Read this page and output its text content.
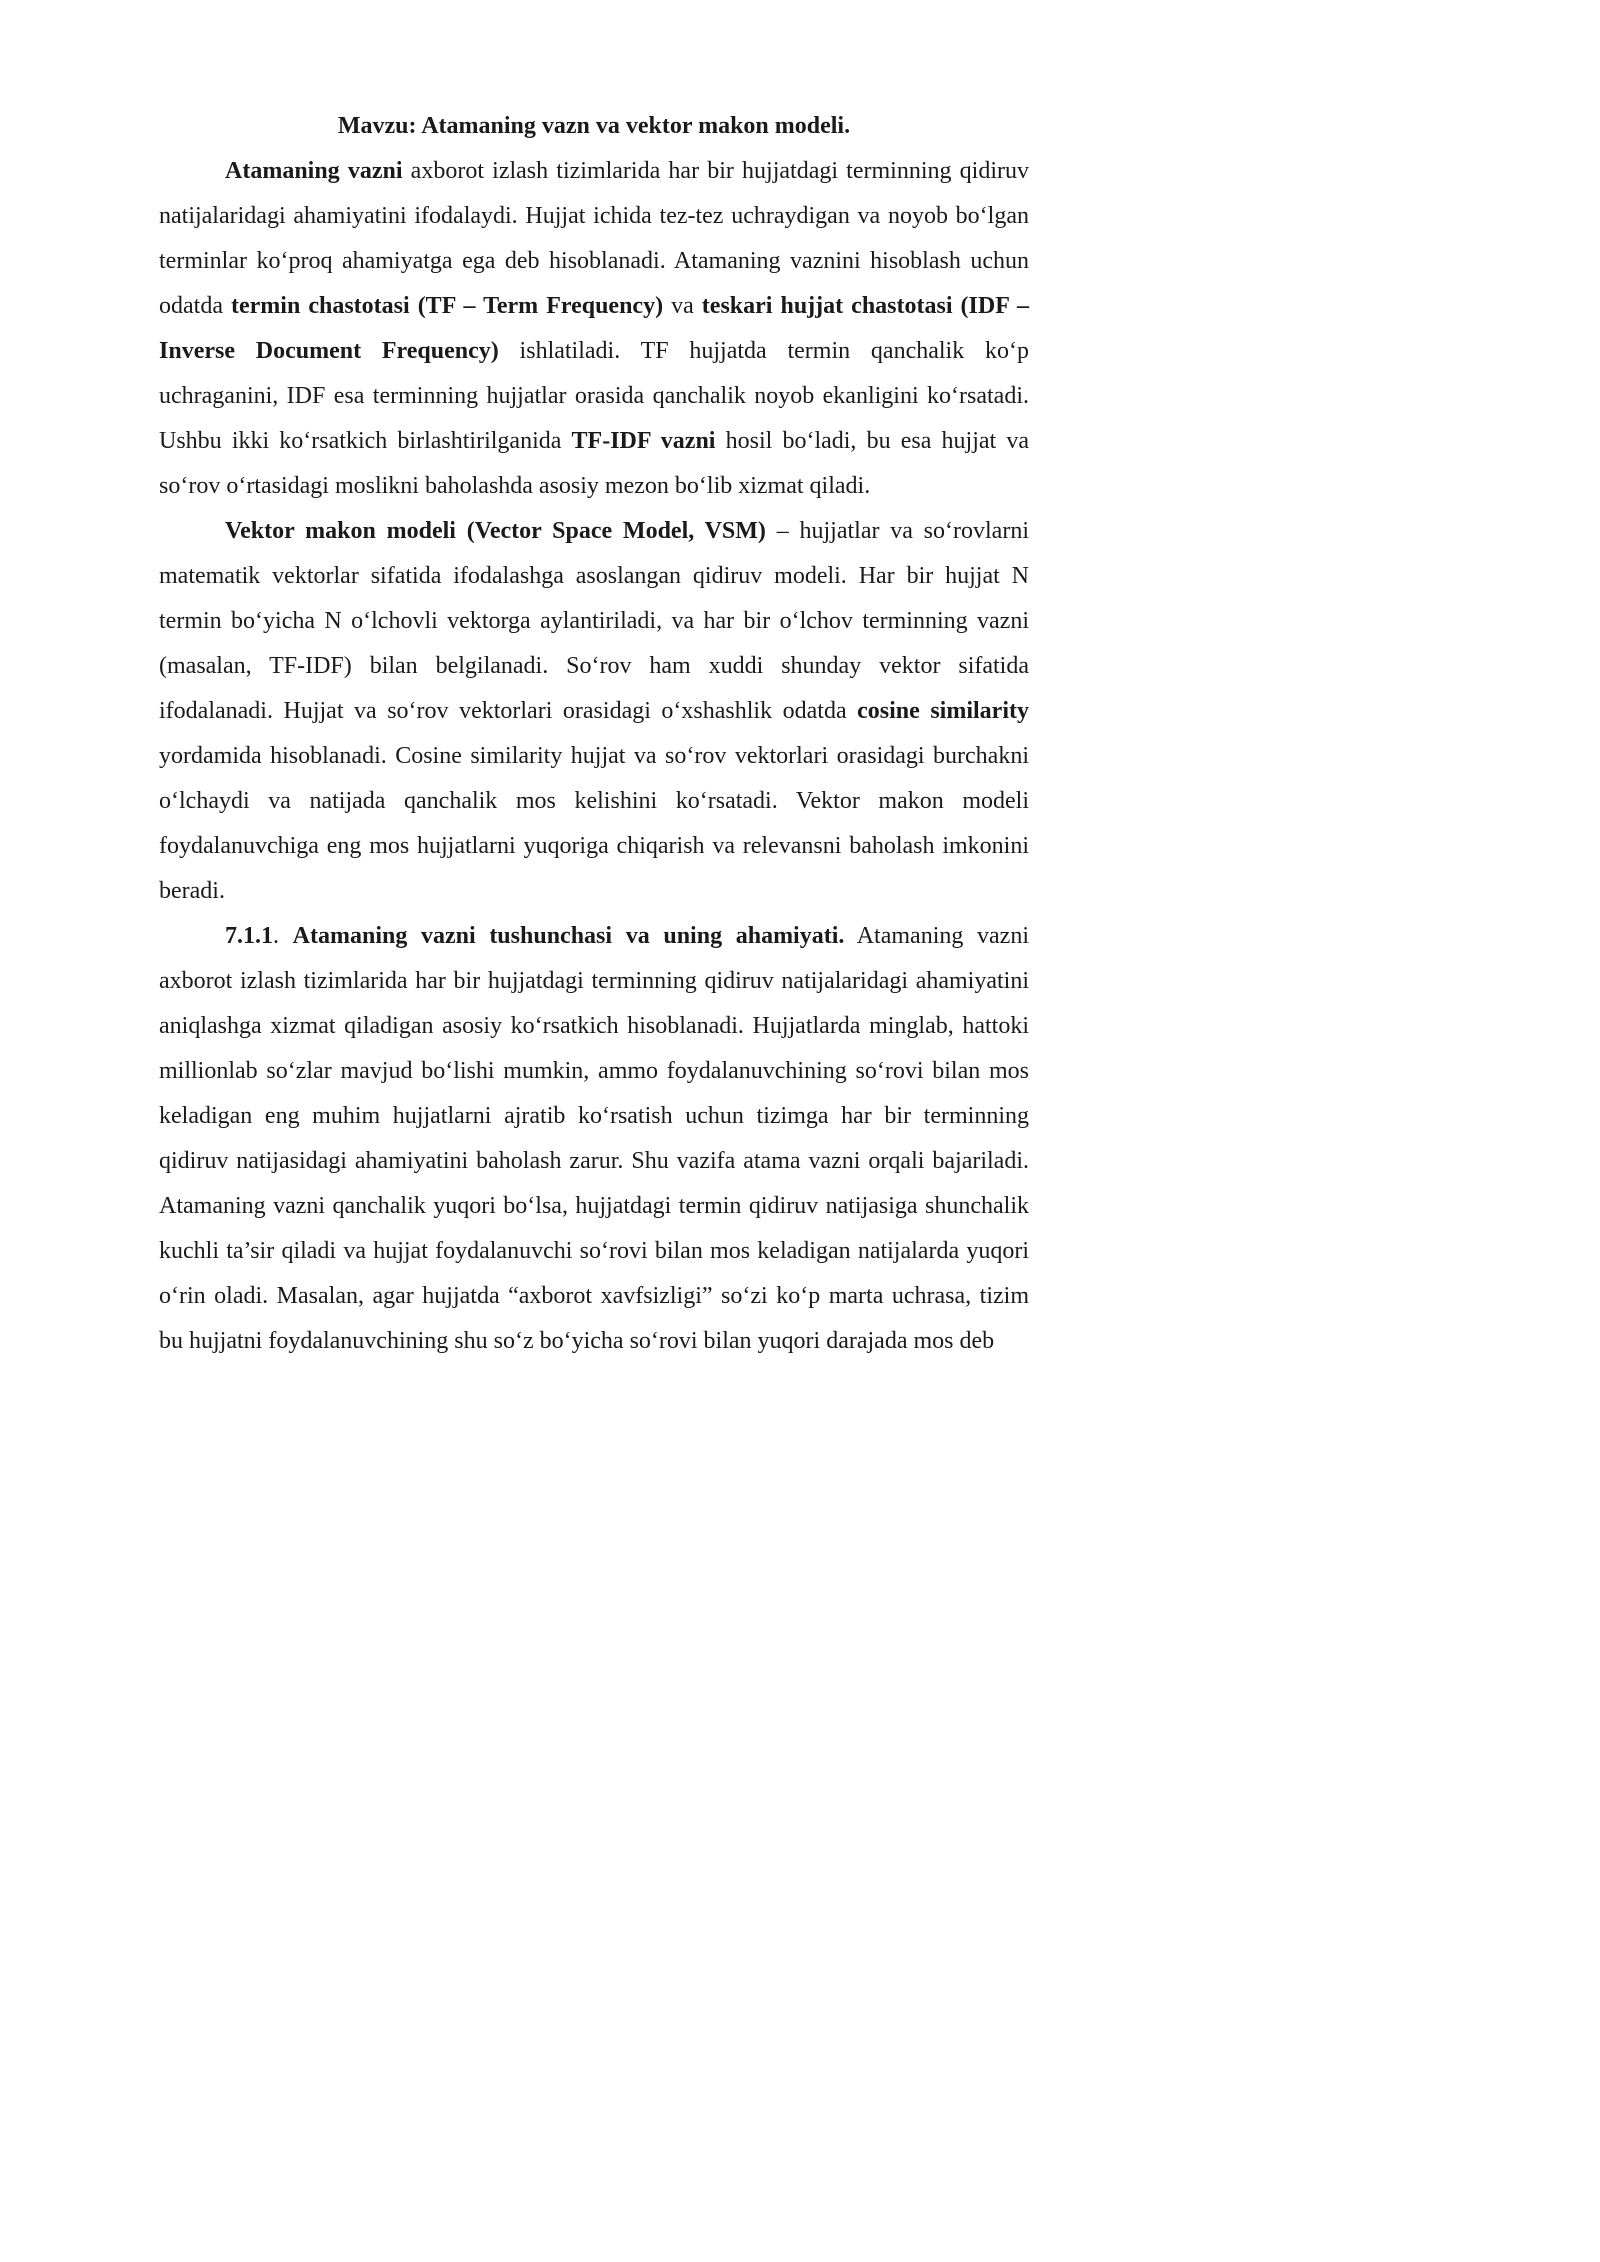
Mavzu: Atamaning vazn va vektor makon modeli.

Atamaning vazni axborot izlash tizimlarida har bir hujjatdagi terminning qidiruv natijalaridagi ahamiyatini ifodalaydi. Hujjat ichida tez-tez uchraydigan va noyob bo‘lgan terminlar ko‘proq ahamiyatga ega deb hisoblanadi. Atamaning vaznini hisoblash uchun odatda termin chastotasi (TF – Term Frequency) va teskari hujjat chastotasi (IDF – Inverse Document Frequency) ishlatiladi. TF hujjatda termin qanchalik ko‘p uchraganini, IDF esa terminning hujjatlar orasida qanchalik noyob ekanligini ko‘rsatadi. Ushbu ikki ko‘rsatkich birlashtirilganida TF-IDF vazni hosil bo‘ladi, bu esa hujjat va so‘rov o‘rtasidagi moslikni baholashda asosiy mezon bo‘lib xizmat qiladi.

Vektor makon modeli (Vector Space Model, VSM) – hujjatlar va so‘rovlarni matematik vektorlar sifatida ifodalashga asoslangan qidiruv modeli. Har bir hujjat N termin bo‘yicha N o‘lchovli vektorga aylantiriladi, va har bir o‘lchov terminning vazni (masalan, TF-IDF) bilan belgilanadi. So‘rov ham xuddi shunday vektor sifatida ifodalanadi. Hujjat va so‘rov vektorlari orasidagi o‘xshashlik odatda cosine similarity yordamida hisoblanadi. Cosine similarity hujjat va so‘rov vektorlari orasidagi burchakni o‘lchaydi va natijada qanchalik mos kelishini ko‘rsatadi. Vektor makon modeli foydalanuvchiga eng mos hujjatlarni yuqoriga chiqarish va relevansni baholash imkonini beradi.

7.1.1. Atamaning vazni tushunchasi va uning ahamiyati. Atamaning vazni axborot izlash tizimlarida har bir hujjatdagi terminning qidiruv natijalaridagi ahamiyatini aniqlashga xizmat qiladigan asosiy ko‘rsatkich hisoblanadi. Hujjatlarda minglab, hattoki millionlab so‘zlar mavjud bo‘lishi mumkin, ammo foydalanuvchining so‘rovi bilan mos keladigan eng muhim hujjatlarni ajratib ko‘rsatish uchun tizimga har bir terminning qidiruv natijasidagi ahamiyatini baholash zarur. Shu vazifa atama vazni orqali bajariladi. Atamaning vazni qanchalik yuqori bo‘lsa, hujjatdagi termin qidiruv natijasiga shunchalik kuchli ta’sir qiladi va hujjat foydalanuvchi so‘rovi bilan mos keladigan natijalarda yuqori o‘rin oladi. Masalan, agar hujjatda “axborot xavfsizligi” so‘zi ko‘p marta uchrasa, tizim bu hujjatni foydalanuvchining shu so‘z bo‘yicha so‘rovi bilan yuqori darajada mos deb
